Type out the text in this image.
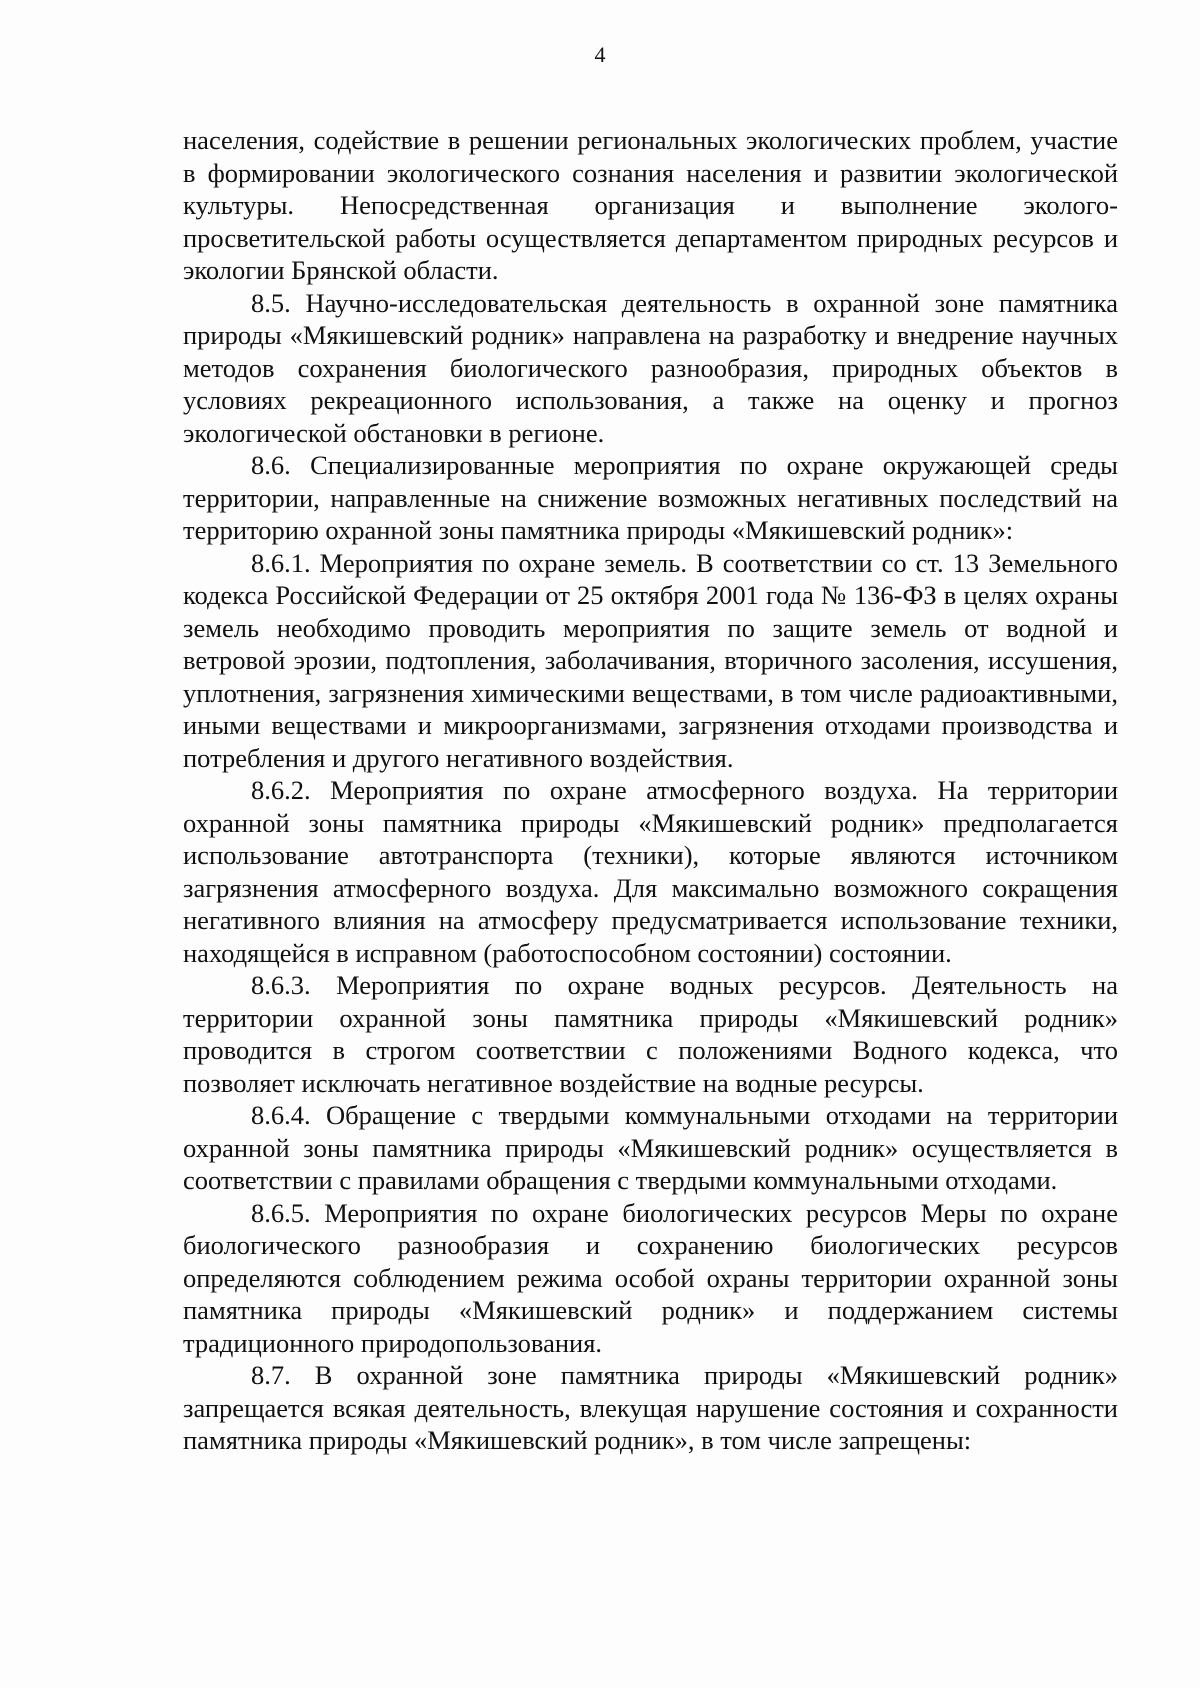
4

населения, содействие в решении региональных экологических проблем, участие в формировании экологического сознания населения и развитии экологической культуры. Непосредственная организация и выполнение эколого-просветительской работы осуществляется департаментом природных ресурсов и экологии Брянской области.

8.5. Научно-исследовательская деятельность в охранной зоне памятника природы «Мякишевский родник» направлена на разработку и внедрение научных методов сохранения биологического разнообразия, природных объектов в условиях рекреационного использования, а также на оценку и прогноз экологической обстановки в регионе.

8.6. Специализированные мероприятия по охране окружающей среды территории, направленные на снижение возможных негативных последствий на территорию охранной зоны памятника природы «Мякишевский родник»:

8.6.1. Мероприятия по охране земель. В соответствии со ст. 13 Земельного кодекса Российской Федерации от 25 октября 2001 года № 136-ФЗ в целях охраны земель необходимо проводить мероприятия по защите земель от водной и ветровой эрозии, подтопления, заболачивания, вторичного засоления, иссушения, уплотнения, загрязнения химическими веществами, в том числе радиоактивными, иными веществами и микроорганизмами, загрязнения отходами производства и потребления и другого негативного воздействия.

8.6.2. Мероприятия по охране атмосферного воздуха. На территории охранной зоны памятника природы «Мякишевский родник» предполагается использование автотранспорта (техники), которые являются источником загрязнения атмосферного воздуха. Для максимально возможного сокращения негативного влияния на атмосферу предусматривается использование техники, находящейся в исправном (работоспособном состоянии) состоянии.

8.6.3. Мероприятия по охране водных ресурсов. Деятельность на территории охранной зоны памятника природы «Мякишевский родник» проводится в строгом соответствии с положениями Водного кодекса, что позволяет исключать негативное воздействие на водные ресурсы.

8.6.4. Обращение с твердыми коммунальными отходами на территории охранной зоны памятника природы «Мякишевский родник» осуществляется в соответствии с правилами обращения с твердыми коммунальными отходами.

8.6.5. Мероприятия по охране биологических ресурсов Меры по охране биологического разнообразия и сохранению биологических ресурсов определяются соблюдением режима особой охраны территории охранной зоны памятника природы «Мякишевский родник» и поддержанием системы традиционного природопользования.

8.7. В охранной зоне памятника природы «Мякишевский родник» запрещается всякая деятельность, влекущая нарушение состояния и сохранности памятника природы «Мякишевский родник», в том числе запрещены:
